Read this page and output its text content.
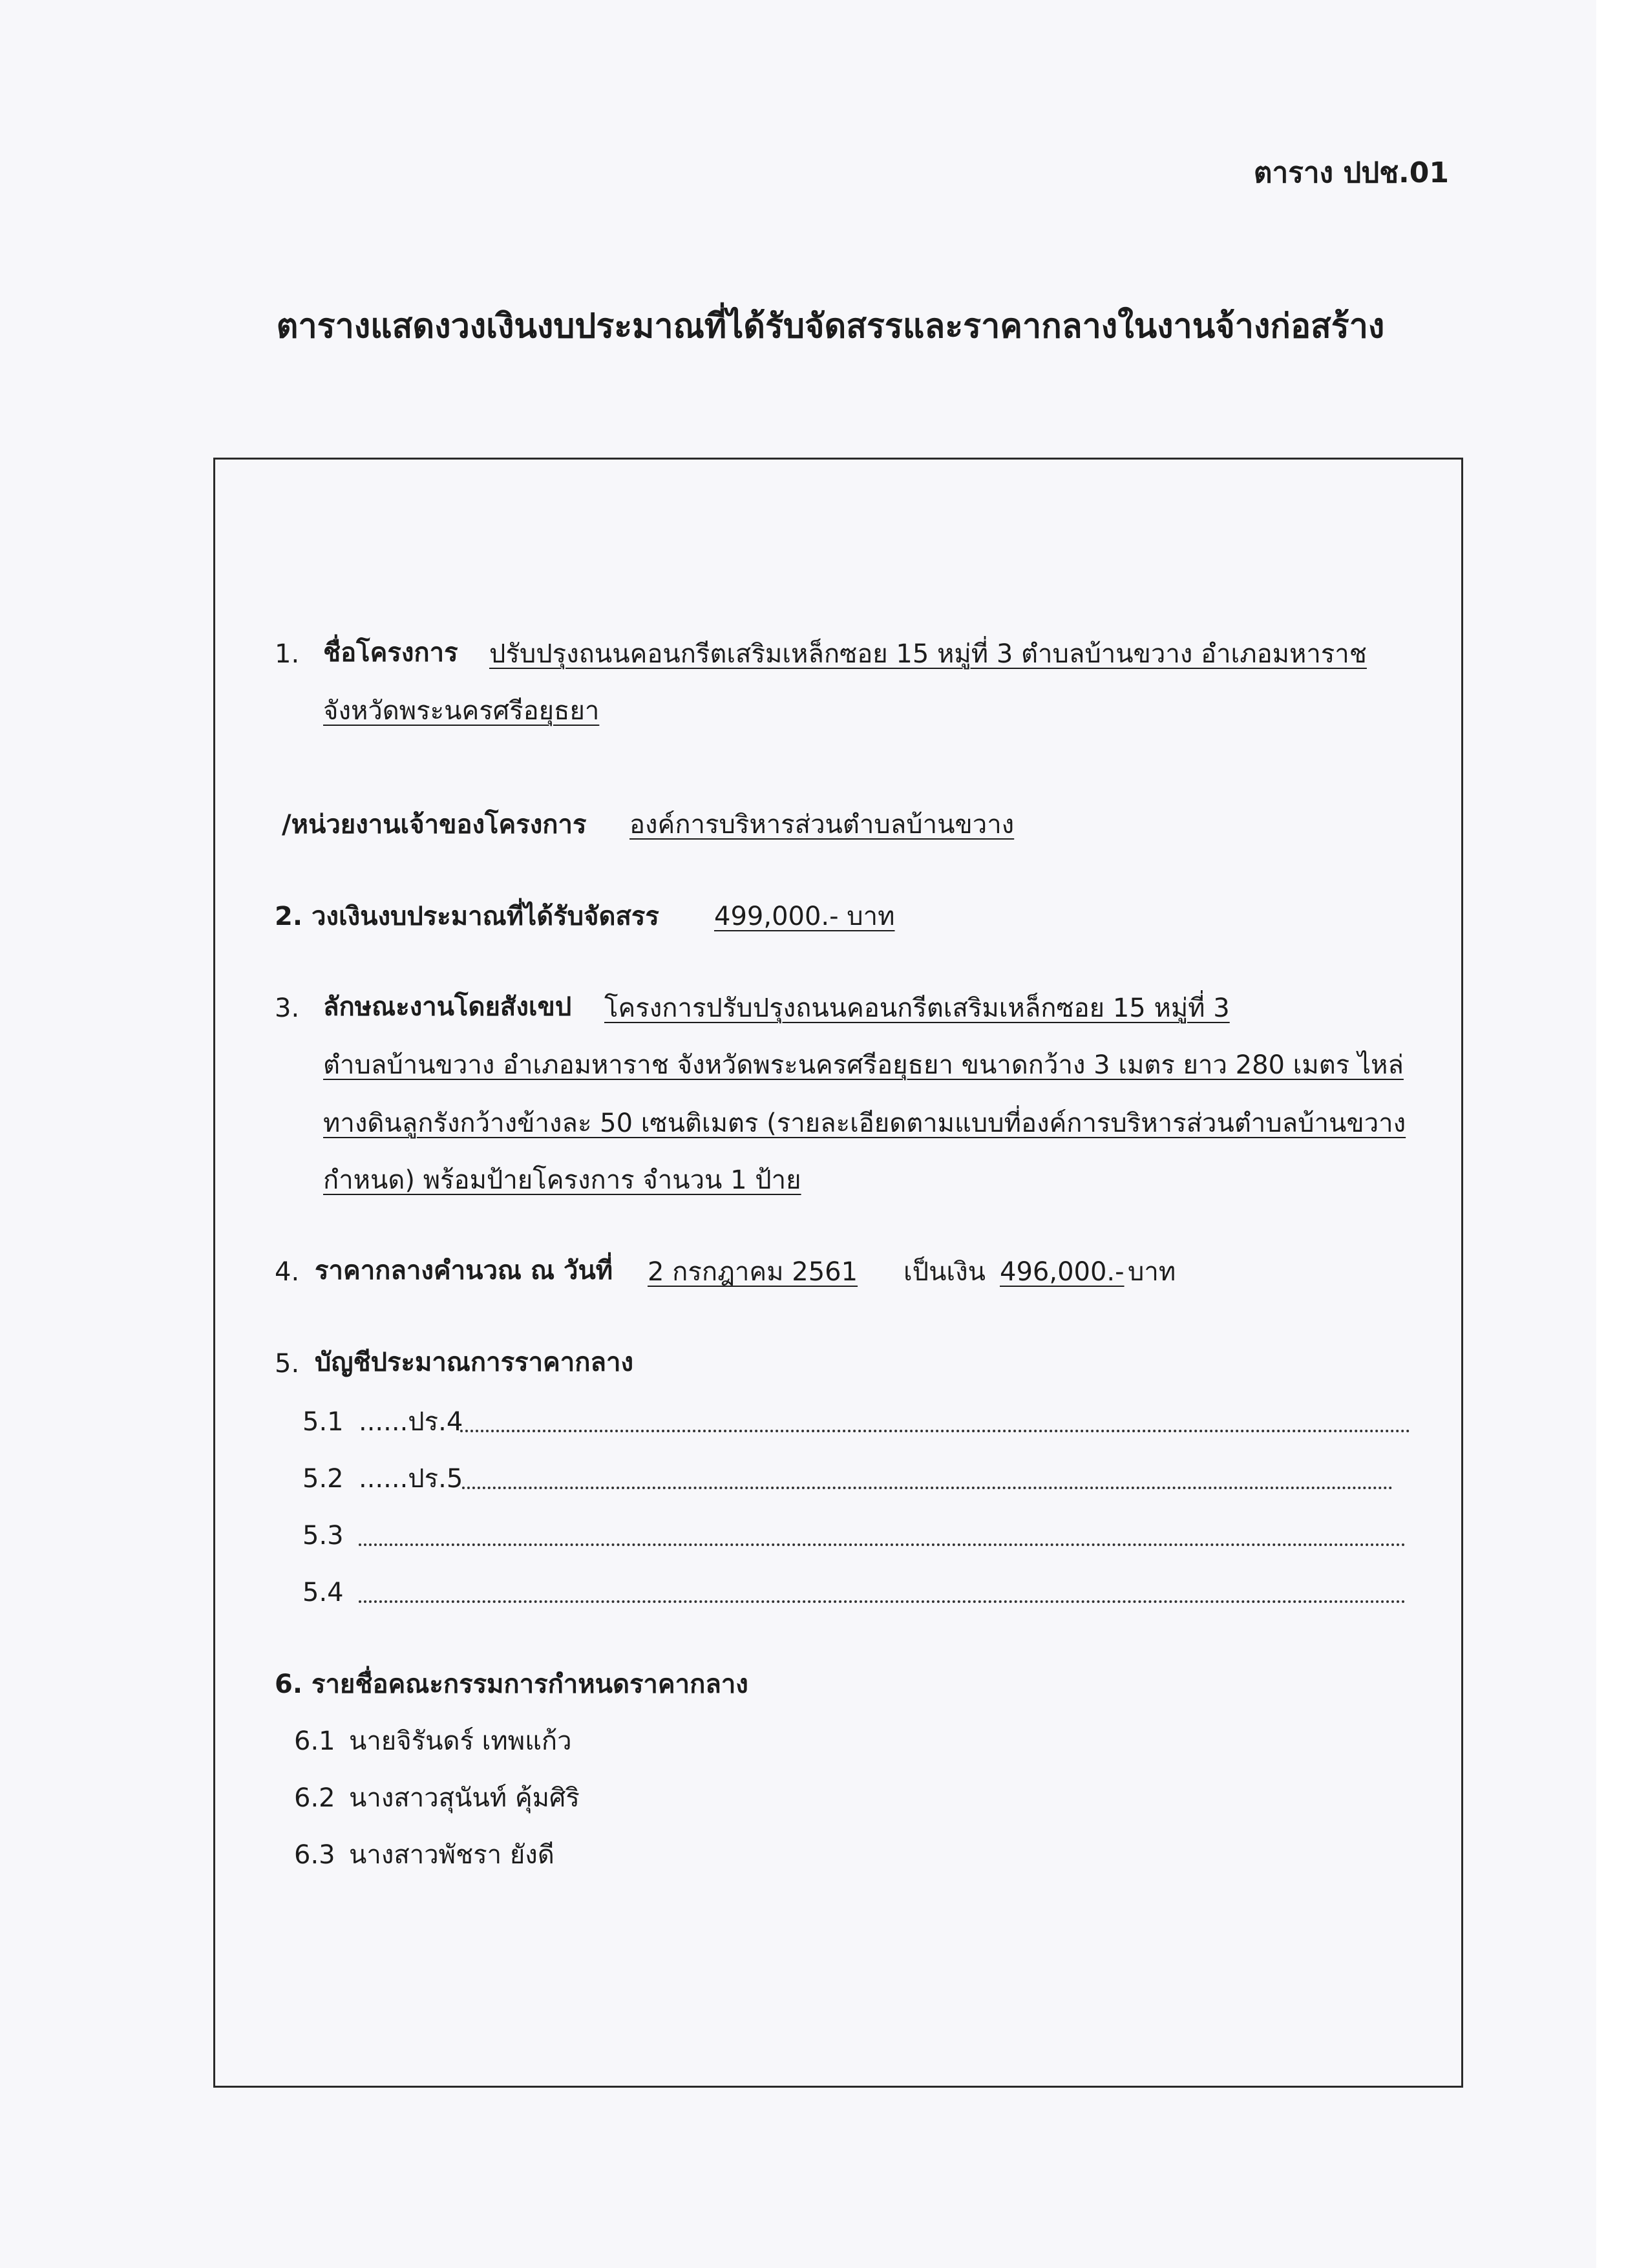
ตาราง ปปช.01
ตารางแสดงวงเงินงบประมาณที่ได้รับจัดสรรและราคากลางในงานจ้างก่อสร้าง
1. ชื่อโครงการ ปรับปรุงถนนคอนกรีตเสริมเหล็กซอย 15 หมู่ที่ 3 ตำบลบ้านขวาง อำเภอมหาราช
จังหวัดพระนครศรีอยุธยา
/หน่วยงานเจ้าของโครงการ องค์การบริหารส่วนตำบลบ้านขวาง
2. วงเงินงบประมาณที่ได้รับจัดสรร 499,000.- บาท
3. ลักษณะงานโดยสังเขป โครงการปรับปรุงถนนคอนกรีตเสริมเหล็กซอย 15 หมู่ที่ 3
ตำบลบ้านขวาง อำเภอมหาราช จังหวัดพระนครศรีอยุธยา ขนาดกว้าง 3 เมตร ยาว 280 เมตร ไหล่
ทางดินลูกรังกว้างข้างละ 50 เซนติเมตร (รายละเอียดตามแบบที่องค์การบริหารส่วนตำบลบ้านขวาง
กำหนด) พร้อมป้ายโครงการ จำนวน 1 ป้าย
4. ราคากลางคำนวณ ณ วันที่ 2 กรกฎาคม 2561 เป็นเงิน 496,000.- บาท
5. บัญชีประมาณการราคากลาง
5.1 ......ปร.4
5.2 ......ปร.5
5.3
5.4
6. รายชื่อคณะกรรมการกำหนดราคากลาง
6.1 นายจิรันดร์ เทพแก้ว
6.2 นางสาวสุนันท์ คุ้มศิริ
6.3 นางสาวพัชรา ยังดี
